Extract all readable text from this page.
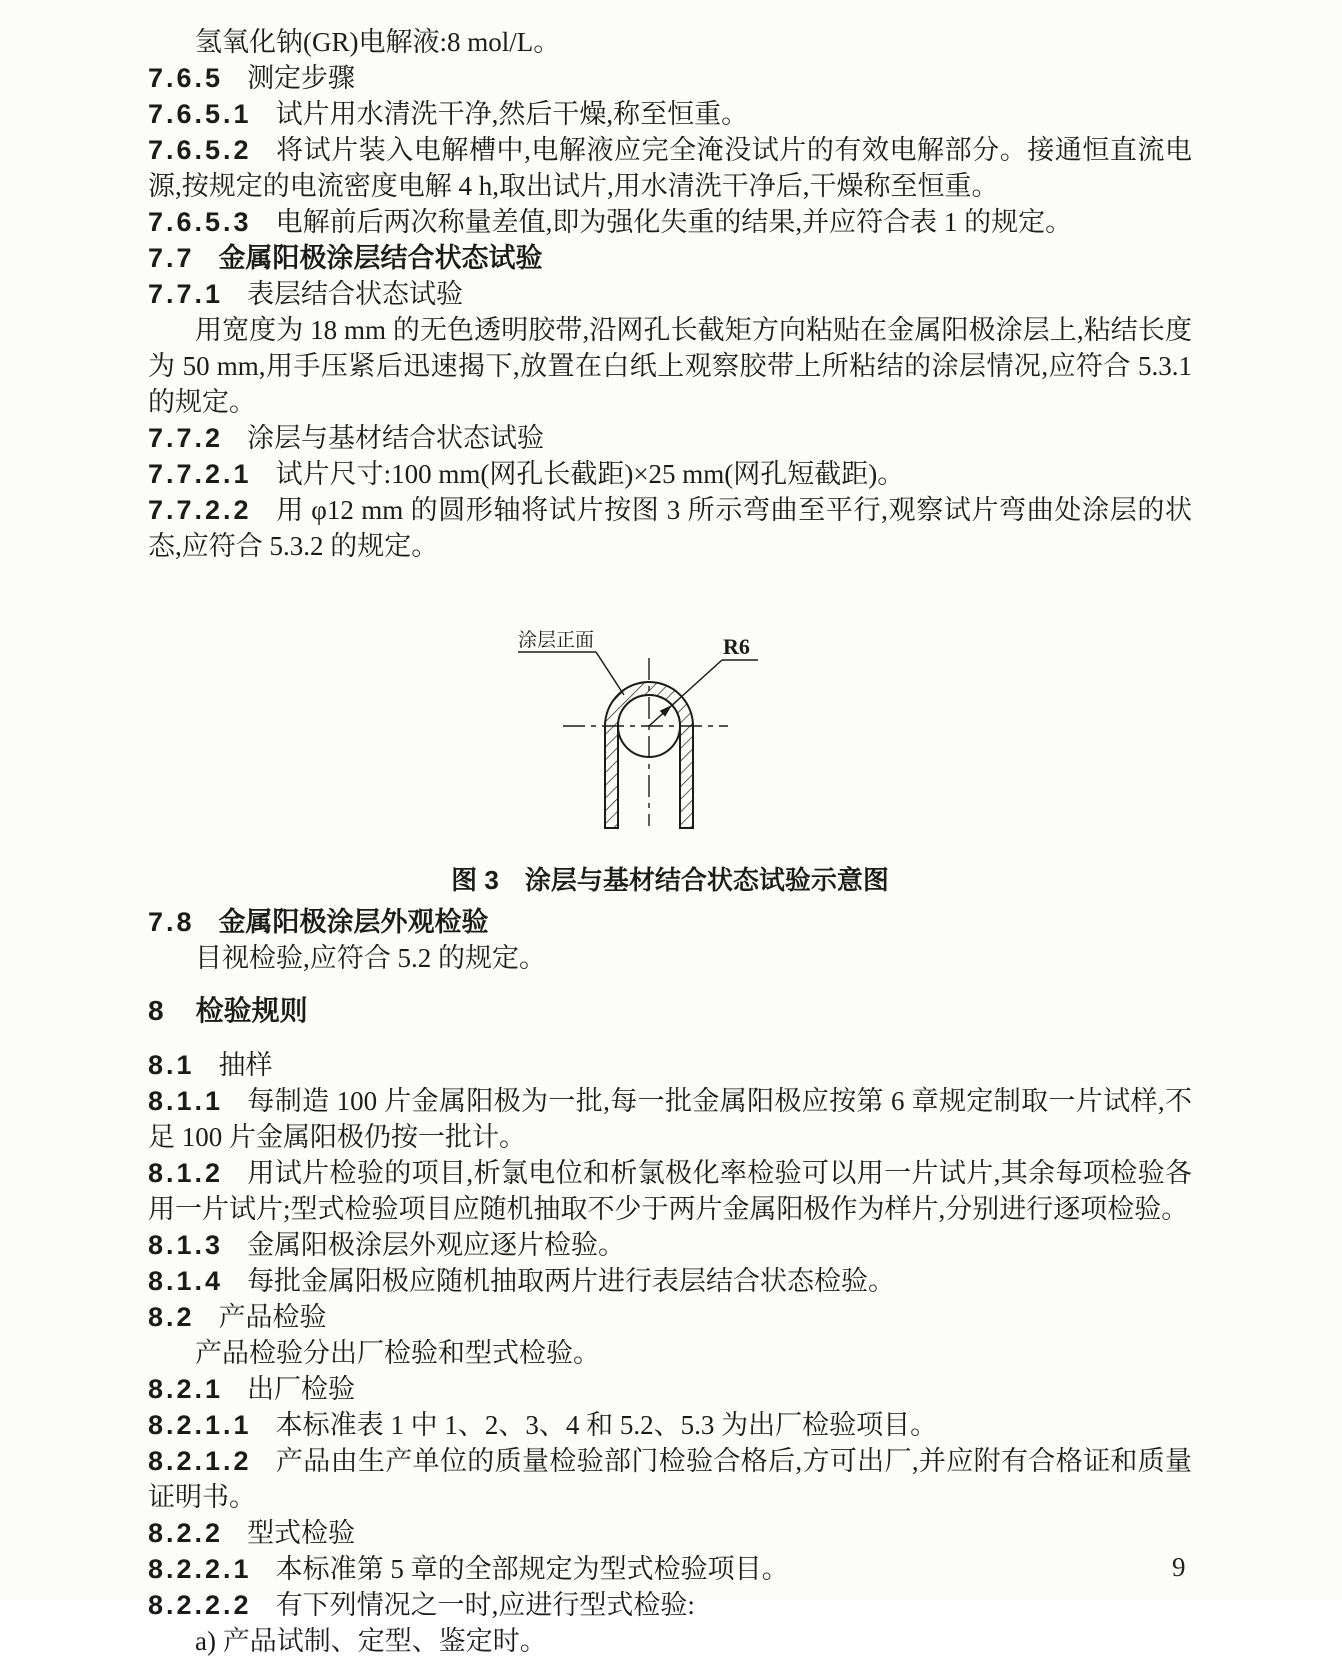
氢氧化钠(GR)电解液:8 mol/L。
7.6.5 测定步骤
7.6.5.1 试片用水清洗干净,然后干燥,称至恒重。
7.6.5.2 将试片装入电解槽中,电解液应完全淹没试片的有效电解部分。接通恒直流电源,按规定的电流密度电解 4 h,取出试片,用水清洗干净后,干燥称至恒重。
7.6.5.3 电解前后两次称量差值,即为强化失重的结果,并应符合表 1 的规定。
7.7 金属阳极涂层结合状态试验
7.7.1 表层结合状态试验
用宽度为 18 mm 的无色透明胶带,沿网孔长截矩方向粘贴在金属阳极涂层上,粘结长度为 50 mm,用手压紧后迅速揭下,放置在白纸上观察胶带上所粘结的涂层情况,应符合 5.3.1 的规定。
7.7.2 涂层与基材结合状态试验
7.7.2.1 试片尺寸:100 mm(网孔长截距)×25 mm(网孔短截距)。
7.7.2.2 用 φ12 mm 的圆形轴将试片按图 3 所示弯曲至平行,观察试片弯曲处涂层的状态,应符合 5.3.2 的规定。
R6
涂层正面
图 3　涂层与基材结合状态试验示意图
7.8 金属阳极涂层外观检验
目视检验,应符合 5.2 的规定。
8 检验规则
8.1 抽样
8.1.1 每制造 100 片金属阳极为一批,每一批金属阳极应按第 6 章规定制取一片试样,不足 100 片金属阳极仍按一批计。
8.1.2 用试片检验的项目,析氯电位和析氯极化率检验可以用一片试片,其余每项检验各用一片试片;型式检验项目应随机抽取不少于两片金属阳极作为样片,分别进行逐项检验。
8.1.3 金属阳极涂层外观应逐片检验。
8.1.4 每批金属阳极应随机抽取两片进行表层结合状态检验。
8.2 产品检验
产品检验分出厂检验和型式检验。
8.2.1 出厂检验
8.2.1.1 本标准表 1 中 1、2、3、4 和 5.2、5.3 为出厂检验项目。
8.2.1.2 产品由生产单位的质量检验部门检验合格后,方可出厂,并应附有合格证和质量证明书。
8.2.2 型式检验
8.2.2.1 本标准第 5 章的全部规定为型式检验项目。
8.2.2.2 有下列情况之一时,应进行型式检验:
a) 产品试制、定型、鉴定时。
9
